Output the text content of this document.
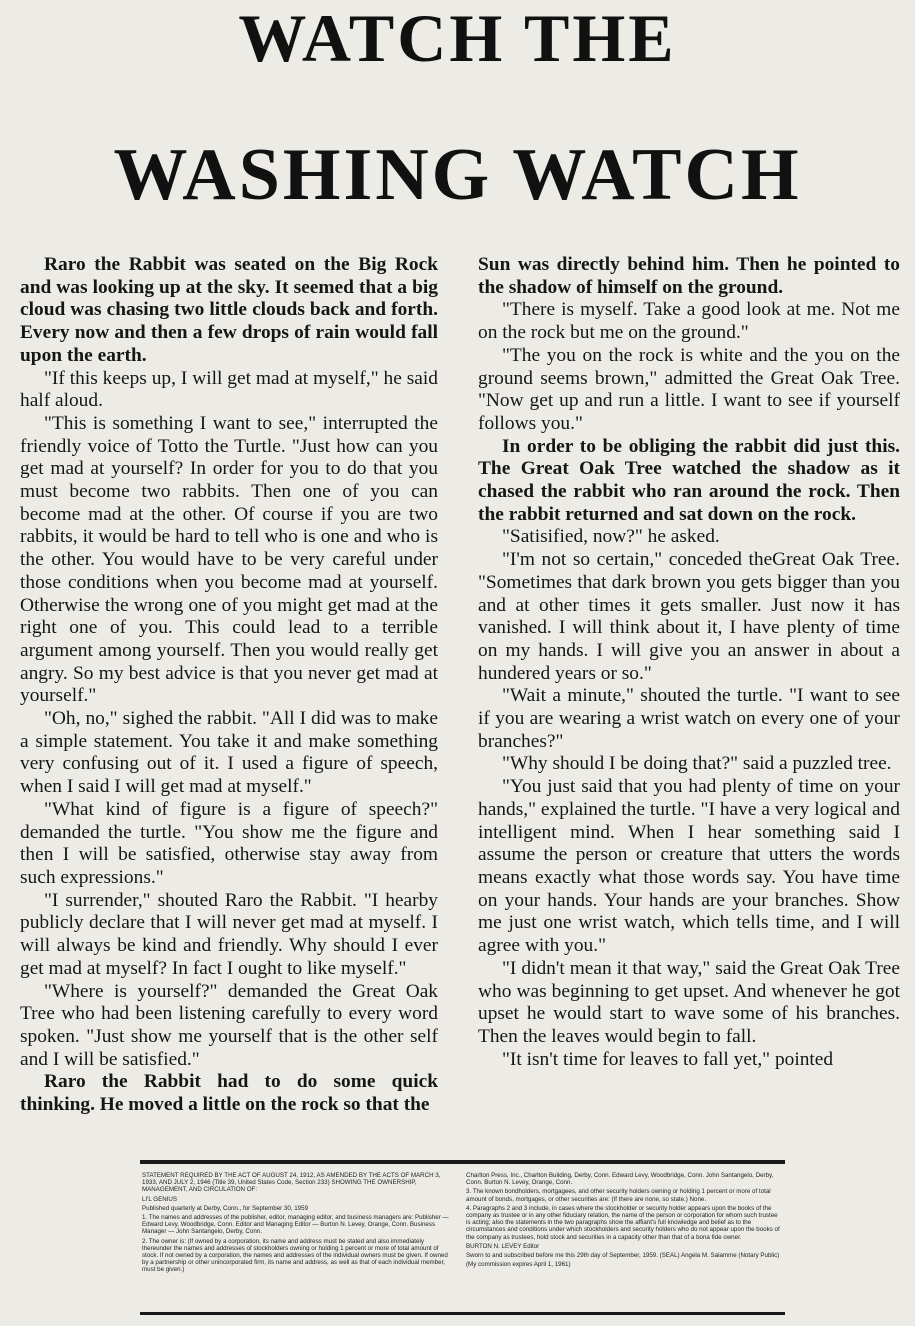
WATCH THE
WASHING WATCH

Raro the Rabbit was seated on the Big Rock and was looking up at the sky. It seemed that a big cloud was chasing two little clouds back and forth. Every now and then a few drops of rain would fall upon the earth.

"If this keeps up, I will get mad at myself," he said half aloud.

"This is something I want to see," interrupted the friendly voice of Totto the Turtle. "Just how can you get mad at yourself? In order for you to do that you must become two rabbits. Then one of you can become mad at the other. Of course if you are two rabbits, it would be hard to tell who is one and who is the other. You would have to be very careful under those conditions when you become mad at yourself. Otherwise the wrong one of you might get mad at the right one of you. This could lead to a terrible argument among yourself. Then you would really get angry. So my best advice is that you never get mad at yourself."

"Oh, no," sighed the rabbit. "All I did was to make a simple statement. You take it and make something very confusing out of it. I used a figure of speech, when I said I will get mad at myself."

"What kind of figure is a figure of speech?" demanded the turtle. "You show me the figure and then I will be satisfied, otherwise stay away from such expressions."

"I surrender," shouted Raro the Rabbit. "I hearby publicly declare that I will never get mad at myself. I will always be kind and friendly. Why should I ever get mad at myself? In fact I ought to like myself."

"Where is yourself?" demanded the Great Oak Tree who had been listening carefully to every word spoken. "Just show me yourself that is the other self and I will be satisfied."

Raro the Rabbit had to do some quick thinking. He moved a little on the rock so that the

Sun was directly behind him. Then he pointed to the shadow of himself on the ground.

"There is myself. Take a good look at me. Not me on the rock but me on the ground."

"The you on the rock is white and the you on the ground seems brown," admitted the Great Oak Tree. "Now get up and run a little. I want to see if yourself follows you."

In order to be obliging the rabbit did just this. The Great Oak Tree watched the shadow as it chased the rabbit who ran around the rock. Then the rabbit returned and sat down on the rock.

"Satisified, now?" he asked.

"I'm not so certain," conceded theGreat Oak Tree. "Sometimes that dark brown you gets bigger than you and at other times it gets smaller. Just now it has vanished. I will think about it, I have plenty of time on my hands. I will give you an answer in about a hundered years or so."

"Wait a minute," shouted the turtle. "I want to see if you are wearing a wrist watch on every one of your branches?"

"Why should I be doing that?" said a puzzled tree.

"You just said that you had plenty of time on your hands," explained the turtle. "I have a very logical and intelligent mind. When I hear something said I assume the person or creature that utters the words means exactly what those words say. You have time on your hands. Your hands are your branches. Show me just one wrist watch, which tells time, and I will agree with you."

"I didn't mean it that way," said the Great Oak Tree who was beginning to get upset. And whenever he got upset he would start to wave some of his branches. Then the leaves would begin to fall.

"It isn't time for leaves to fall yet," pointed

STATEMENT REQUIRED BY THE ACT OF AUGUST 24, 1912, AS AMENDED BY THE ACTS OF MARCH 3, 1933, AND JULY 2, 1946 (Title 39, United States Code, Section 233) SHOWING THE OWNERSHIP, MANAGEMENT, AND CIRCULATION OF:

LI'L GENIUS

Published quarterly at Derby, Conn., for September 30, 1959

1. The names and addresses of the publisher, editor, managing editor, and business managers are: Publisher — Edward Levy, Woodbridge, Conn. Editor and Managing Editor — Burton N. Levey, Orange, Conn. Business Manager — John Santangelo, Derby, Conn.

2. The owner is: (If owned by a corporation, its name and address must be stated and also immediately thereunder the names and addresses of stockholders owning or holding 1 percent or more of total amount of stock. If not owned by a corporation, the names and addresses of the individual owners must be given. If owned by a partnership or other unincorporated firm, its name and address, as well as that of each individual member, must be given.)

Charlton Press, Inc., Charlton Building, Derby, Conn. Edward Levy, Woodbridge, Conn. John Santangelo, Derby, Conn. Burton N. Levey, Orange, Conn.

3. The known bondholders, mortgagees, and other security holders owning or holding 1 percent or more of total amount of bonds, mortgages, or other securities are: (If there are none, so state.) None.

4. Paragraphs 2 and 3 include, in cases where the stockholder or security holder appears upon the books of the company as trustee or in any other fiduciary relation, the name of the person or corporation for whom such trustee is acting; also the statements in the two paragraphs show the affiant's full knowledge and belief as to the circumstances and conditions under which stockholders and security holders who do not appear upon the books of the company as trustees, hold stock and securities in a capacity other than that of a bona fide owner.

BURTON N. LEVEY Editor

Sworn to and subscribed before me this 29th day of September, 1959. (SEAL) Angela M. Salamme (Notary Public)

(My commission expires April 1, 1961)
